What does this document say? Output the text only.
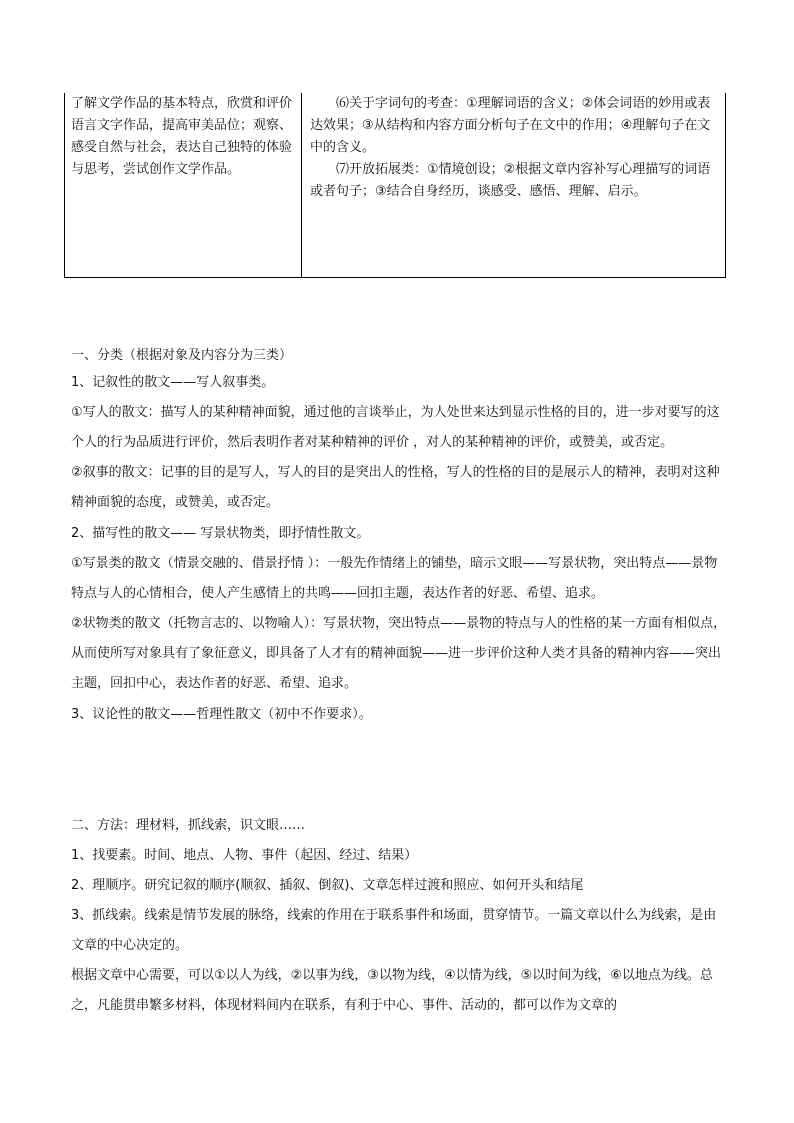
了解文学作品的基本特点，欣赏和评价语言文字作品，提高审美品位；观察、感受自然与社会，表达自己独特的体验与思考，尝试创作文学作品。

⑹关于字词句的考查：①理解词语的含义；②体会词语的妙用或表达效果；③从结构和内容方面分析句子在文中的作用；④理解句子在文中的含义。

⑺开放拓展类：①情境创设；②根据文章内容补写心理描写的词语或者句子；③结合自身经历，谈感受、感悟、理解、启示。

一、分类（根据对象及内容分为三类）

1、记叙性的散文——写人叙事类。

①写人的散文：描写人的某种精神面貌，通过他的言谈举止，为人处世来达到显示性格的目的，进一步对要写的这个人的行为品质进行评价，然后表明作者对某种精神的评价 ，对人的某种精神的评价，或赞美，或否定。

②叙事的散文：记事的目的是写人，写人的目的是突出人的性格，写人的性格的目的是展示人的精神，表明对这种精神面貌的态度，或赞美，或否定。

2、描写性的散文—— 写景状物类，即抒情性散文。

①写景类的散文（情景交融的、借景抒情 ）：一般先作情绪上的铺垫，暗示文眼——写景状物，突出特点——景物特点与人的心情相合，使人产生感情上的共鸣——回扣主题，表达作者的好恶、希望、追求。

②状物类的散文（托物言志的、以物喻人）：写景状物，突出特点——景物的特点与人的性格的某一方面有相似点，从而使所写对象具有了象征意义，即具备了人才有的精神面貌——进一步评价这种人类才具备的精神内容——突出主题，回扣中心，表达作者的好恶、希望、追求。

3、议论性的散文——哲理性散文（初中不作要求）。

二、方法：理材料，抓线索，识文眼……

1、找要素。时间、地点、人物、事件（起因、经过、结果）

2、理顺序。研究记叙的顺序(顺叙、插叙、倒叙)、文章怎样过渡和照应、如何开头和结尾

3、抓线索。线索是情节发展的脉络，线索的作用在于联系事件和场面，贯穿情节。一篇文章以什么为线索，是由文章的中心决定的。

根据文章中心需要，可以①以人为线，②以事为线，③以物为线，④以情为线，⑤以时间为线，⑥以地点为线。总之，凡能贯串繁多材料，体现材料间内在联系，有利于中心、事件、活动的，都可以作为文章的
